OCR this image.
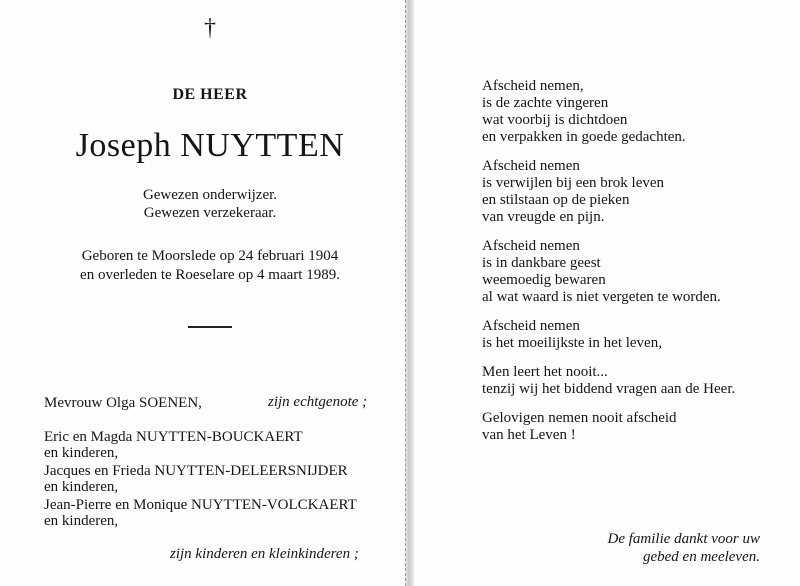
†
DE HEER
Joseph NUYTTEN
Gewezen onderwijzer.
Gewezen verzekeraar.
Geboren te Moorslede op 24 februari 1904
en overleden te Roeselare op 4 maart 1989.
Mevrouw Olga SOENEN,	zijn echtgenote ;
Eric en Magda NUYTTEN-BOUCKAERT
en kinderen,
Jacques en Frieda NUYTTEN-DELEERSNIJDER
en kinderen,
Jean-Pierre en Monique NUYTTEN-VOLCKAERT
en kinderen,
zijn kinderen en kleinkinderen ;
Afscheid nemen,
is de zachte vingeren
wat voorbij is dichtdoen
en verpakken in goede gedachten.
Afscheid nemen
is verwijlen bij een brok leven
en stilstaan op de pieken
van vreugde en pijn.
Afscheid nemen
is in dankbare geest
weemoedig bewaren
al wat waard is niet vergeten te worden.
Afscheid nemen
is het moeilijkste in het leven,
Men leert het nooit...
tenzij wij het biddend vragen aan de Heer.
Gelovigen nemen nooit afscheid
van het Leven !
De familie dankt voor uw
gebed en meeleven.
